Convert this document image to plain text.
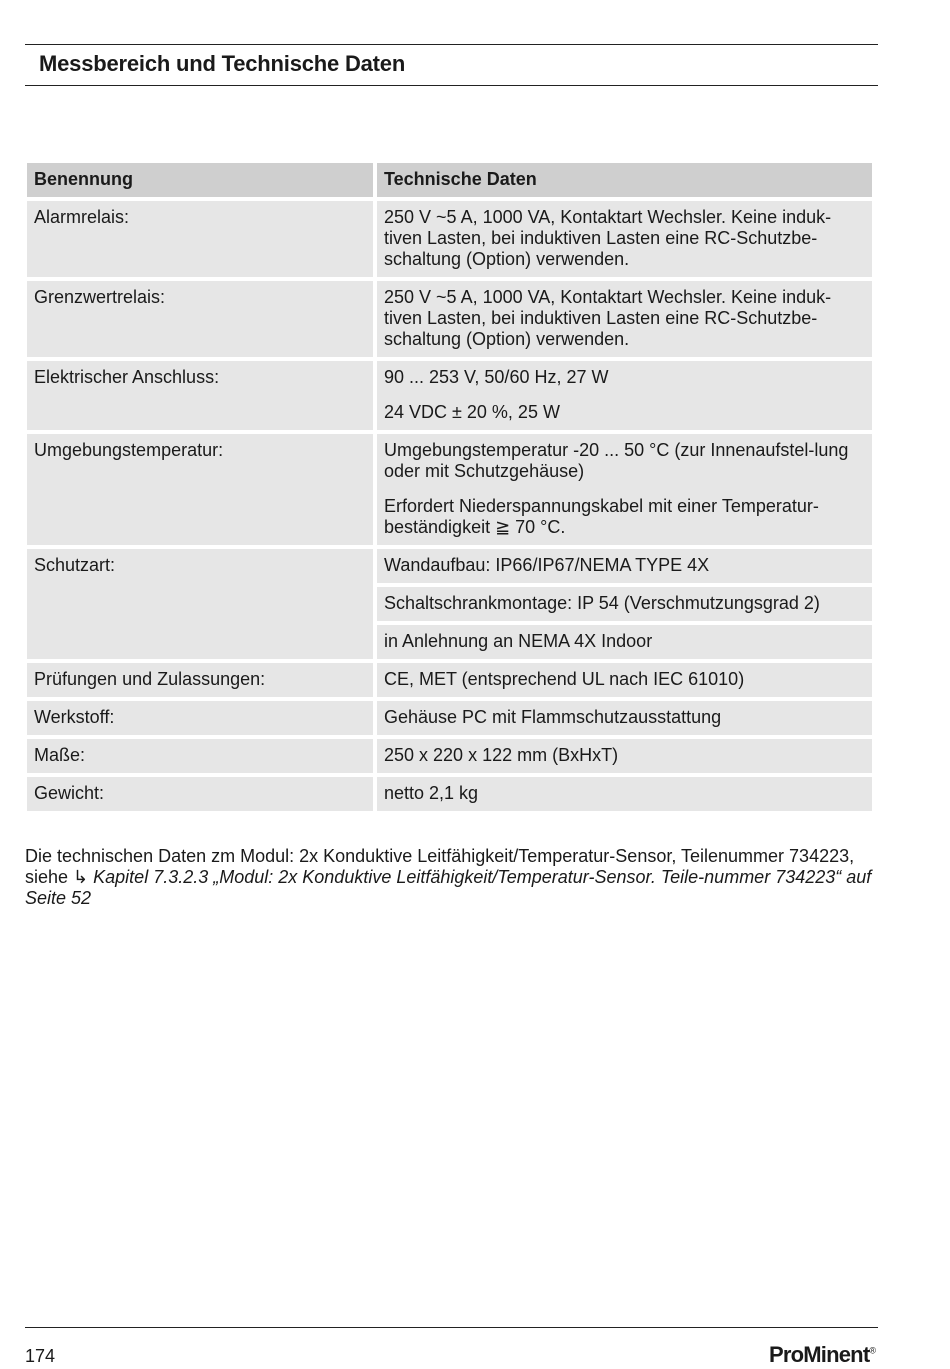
Messbereich und Technische Daten
Benennung	Technische Daten
Alarmrelais:	250 V ~5 A, 1000 VA, Kontaktart Wechsler. Keine induk-tiven Lasten, bei induktiven Lasten eine RC-Schutzbe-schaltung (Option) verwenden.

Grenzwertrelais:	250 V ~5 A, 1000 VA, Kontaktart Wechsler. Keine induk-tiven Lasten, bei induktiven Lasten eine RC-Schutzbe-schaltung (Option) verwenden.

Elektrischer Anschluss:	90 ... 253 V, 50/60 Hz, 27 W
24 VDC ± 20 %, 25 W

Umgebungstemperatur:	Umgebungstemperatur -20 ... 50 °C (zur Innenaufstel-lung oder mit Schutzgehäuse)
Erfordert Niederspannungskabel mit einer Temperatur-beständigkeit ≧ 70 °C.

Schutzart:	Wandaufbau: IP66/IP67/NEMA TYPE 4X
	Schaltschrankmontage: IP 54 (Verschmutzungsgrad 2)
	in Anlehnung an NEMA 4X Indoor
Prüfungen und Zulassungen:	CE, MET (entsprechend UL nach IEC 61010)
Werkstoff:	Gehäuse PC mit Flammschutzausstattung
Maße:	250 x 220 x 122 mm (BxHxT)
Gewicht:	netto 2,1 kg
Die technischen Daten zm Modul: 2x Konduktive Leitfähigkeit/Temperatur-Sensor, Teilenummer 734223, siehe ↳ Kapitel 7.3.2.3 „Modul: 2x Konduktive Leitfähigkeit/Temperatur-Sensor. Teile-nummer 734223“ auf Seite 52
174	ProMinent®
